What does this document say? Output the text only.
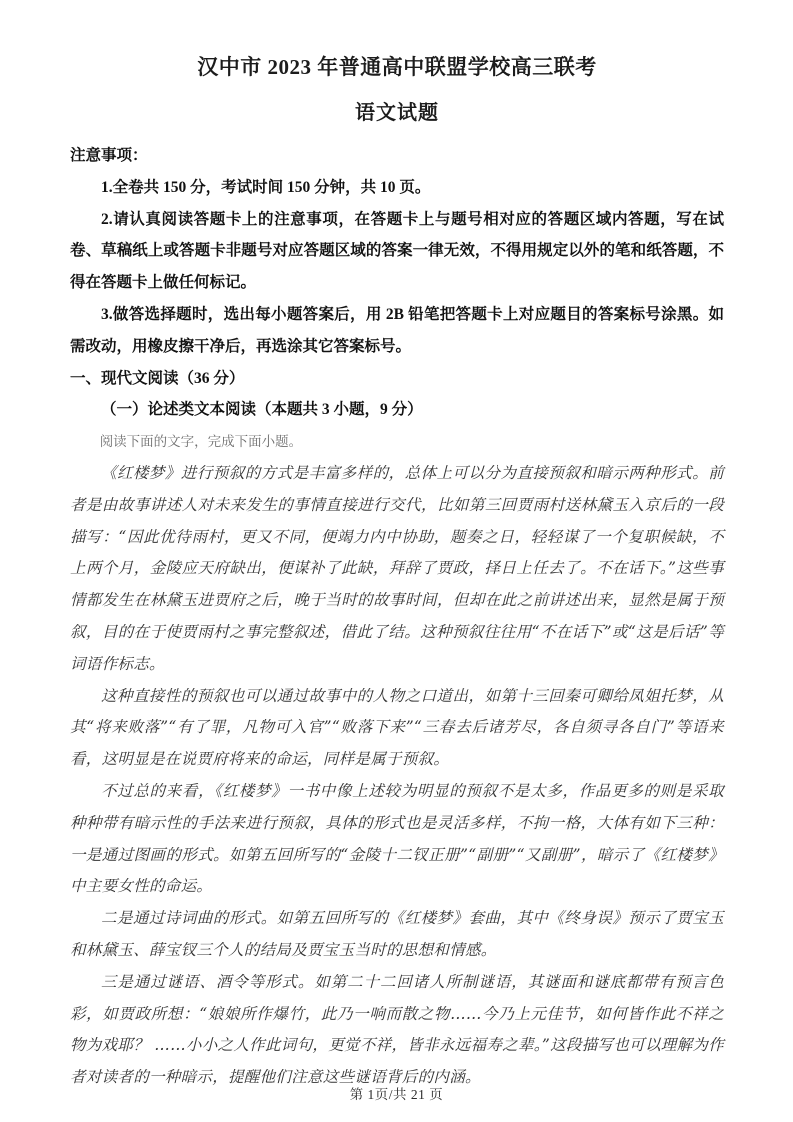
汉中市 2023 年普通高中联盟学校高三联考
语文试题
注意事项：

1.全卷共 150 分，考试时间 150 分钟，共 10 页。

2.请认真阅读答题卡上的注意事项，在答题卡上与题号相对应的答题区域内答题，写在试卷、草稿纸上或答题卡非题号对应答题区域的答案一律无效，不得用规定以外的笔和纸答题，不得在答题卡上做任何标记。

3.做答选择题时，选出每小题答案后，用 2B 铅笔把答题卡上对应题目的答案标号涂黑。如需改动，用橡皮擦干净后，再选涂其它答案标号。

一、现代文阅读（36 分）

（一）论述类文本阅读（本题共 3 小题，9 分）

阅读下面的文字，完成下面小题。

《红楼梦》进行预叙的方式是丰富多样的，总体上可以分为直接预叙和暗示两种形式。前者是由故事讲述人对未来发生的事情直接进行交代，比如第三回贾雨村送林黛玉入京后的一段描写：“因此优待雨村，更又不同，便竭力内中协助，题奏之日，轻轻谋了一个复职候缺，不上两个月，金陵应天府缺出，便谋补了此缺，拜辞了贾政，择日上任去了。不在话下。”这些事情都发生在林黛玉进贾府之后，晚于当时的故事时间，但却在此之前讲述出来，显然是属于预叙，目的在于使贾雨村之事完整叙述，借此了结。这种预叙往往用“不在话下”或“这是后话”等词语作标志。

这种直接性的预叙也可以通过故事中的人物之口道出，如第十三回秦可卿给凤姐托梦，从其“将来败落”“有了罪，凡物可入官”“败落下来”“三春去后诸芳尽，各自须寻各自门”等语来看，这明显是在说贾府将来的命运，同样是属于预叙。

不过总的来看，《红楼梦》一书中像上述较为明显的预叙不是太多，作品更多的则是采取种种带有暗示性的手法来进行预叙，具体的形式也是灵活多样，不拘一格，大体有如下三种：一是通过图画的形式。如第五回所写的“金陵十二钗正册”“副册”“又副册”，暗示了《红楼梦》中主要女性的命运。

二是通过诗词曲的形式。如第五回所写的《红楼梦》套曲，其中《终身误》预示了贾宝玉和林黛玉、薛宝钗三个人的结局及贾宝玉当时的思想和情感。

三是通过谜语、酒令等形式。如第二十二回诸人所制谜语，其谜面和谜底都带有预言色彩，如贾政所想：“娘娘所作爆竹，此乃一响而散之物……今乃上元佳节，如何皆作此不祥之物为戏耶？ ……小小之人作此词句，更觉不祥，皆非永远福寿之辈。”这段描写也可以理解为作者对读者的一种暗示，提醒他们注意这些谜语背后的内涵。

第 1页/共 21 页
